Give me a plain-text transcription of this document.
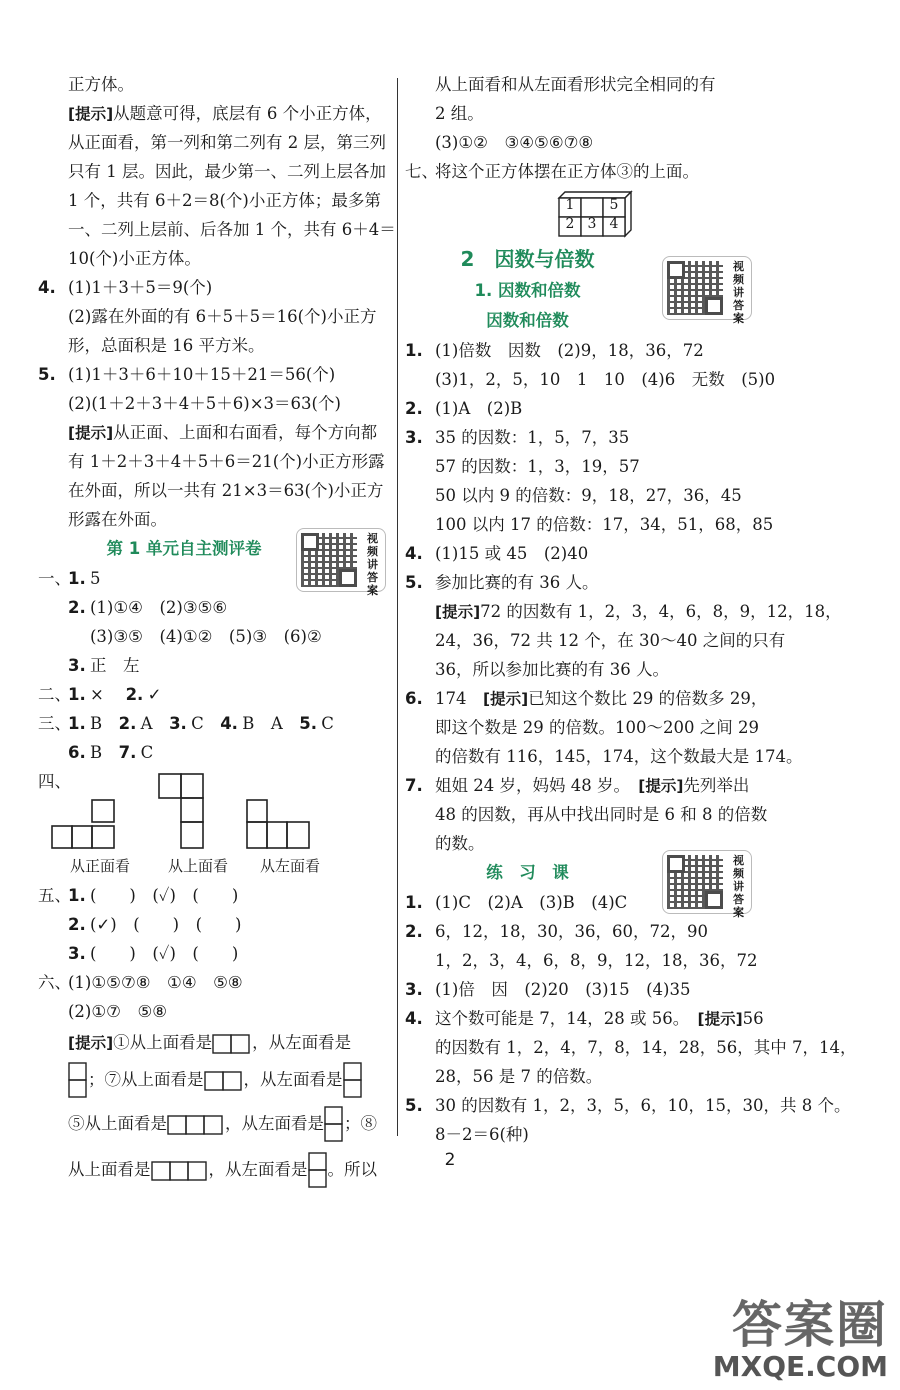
正方体。
[提示]从题意可得，底层有 6 个小正方体，
从正面看，第一列和第二列有 2 层，第三列
只有 1 层。因此，最少第一、二列上层各加
1 个，共有 6＋2＝8(个)小正方体；最多第
一、二列上层前、后各加 1 个，共有 6＋4＝
10(个)小正方体。
4. (1)1＋3＋5＝9(个)
(2)露在外面的有 6＋5＋5＝16(个)小正方
形，总面积是 16 平方米。
5. (1)1＋3＋6＋10＋15＋21＝56(个)
(2)(1＋2＋3＋4＋5＋6)×3＝63(个)
[提示]从正面、上面和右面看，每个方向都
有 1＋2＋3＋4＋5＋6＝21(个)小正方形露
在外面，所以一共有 21×3＝63(个)小正方
形露在外面。
第 1 单元自主测评卷
一、1. 5
2. (1)①④　(2)③⑤⑥
(3)③⑤　(4)①②　(5)③　(6)②
3. 正　左
二、1. × 　2. ✓
三、1. B　 2. A　 3. C　 4. B　A　 5. C
6. B　 7. C
四、

从正面看	从上面看 从左面看
五、1. (　　)　(✓)　(　　)
2. (✓)　(　　)　(　　)
3. (　　)　(✓)　(　　)
六、(1)①⑤⑦⑧　①④　⑤⑧
(2)①⑦　⑤⑧
[提示]①从上面看是 ，从左面看是
；⑦从上面看是 ，从左面看是
⑤从上面看是	，从左面看是 ；⑧
从上面看是	，从左面看是 。所以
视频讲答案
从上面看和从左面看形状完全相同的有
2 组。
(3)①②　③④⑤⑥⑦⑧
七、将这个正方体摆在正方体③的上面。
1
2 3 4
5
2　因数与倍数
1. 因数和倍数
因数和倍数
1. (1)倍数　因数　(2)9，18，36，72
(3)1，2，5，10　1　10　(4)6　无数　(5)0
2. (1)A　(2)B
3. 35 的因数：1，5，7，35
57 的因数：1，3，19，57
50 以内 9 的倍数：9，18，27，36，45
100 以内 17 的倍数：17，34，51，68，85
4. (1)15 或 45　(2)40
5. 参加比赛的有 36 人。
[提示]72 的因数有 1，2，3，4，6，8，9，12，18，
24，36，72 共 12 个，在 30～40 之间的只有
36，所以参加比赛的有 36 人。
6. 174　[提示]已知这个数比 29 的倍数多 29，
即这个数是 29 的倍数。100～200 之间 29
的倍数有 116，145，174，这个数最大是 174。
7. 姐姐 24 岁，妈妈 48 岁。　[提示]先列举出
48 的因数，再从中找出同时是 6 和 8 的倍数
的数。
练　习　课
1. (1)C　(2)A　(3)B　(4)C
2. 6，12，18，30，36，60，72，90
1，2，3，4，6，8，9，12，18，36，72
3. (1)倍　因　(2)20　(3)15　(4)35
4. 这个数可能是 7，14，28 或 56。　[提示]56
的因数有 1，2，4，7，8，14，28，56，其中 7，14，
28，56 是 7 的倍数。
5. 30 的因数有 1，2，3，5，6，10，15，30，共 8 个。
8－2＝6(种)
视频讲答案
视频讲答案
2
答案圈
MXQE.COM
